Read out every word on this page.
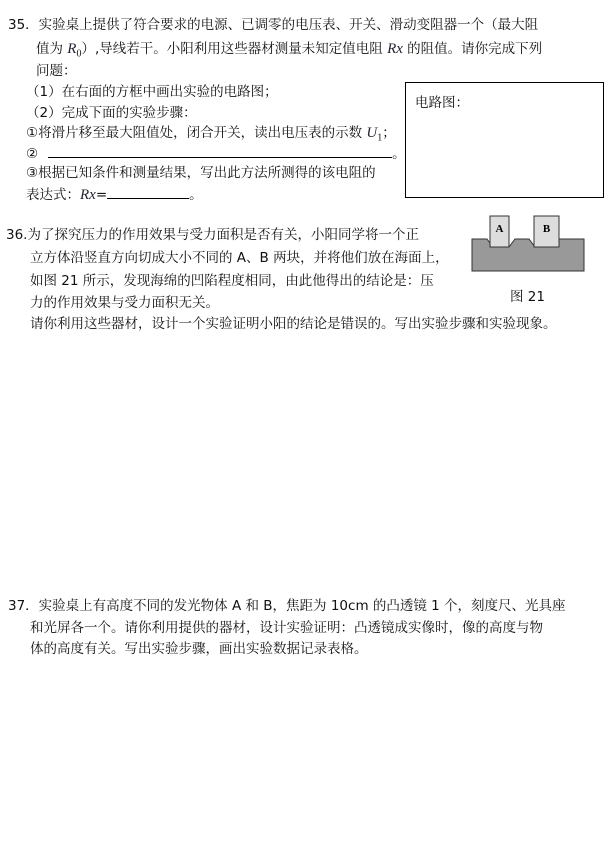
35．实验桌上提供了符合要求的电源、已调零的电压表、开关、滑动变阻器一个（最大阻
值为 $R_0$）,导线若干。小阳利用这些器材测量未知定值电阻 Rx 的阻值。请你完成下列
问题：
（1）在右面的方框中画出实验的电路图；
（2）完成下面的实验步骤：
①将滑片移至最大阻值处，闭合开关，读出电压表的示数 $U_1$；
②	。
③根据已知条件和测量结果，写出此方法所测得的该电阻的
表达式：Rx=	。
电路图：
36.为了探究压力的作用效果与受力面积是否有关，小阳同学将一个正
立方体沿竖直方向切成大小不同的 A、B 两块，并将他们放在海面上，
如图 21 所示，发现海绵的凹陷程度相同，由此他得出的结论是：压
力的作用效果与受力面积无关。
请你利用这些器材，设计一个实验证明小阳的结论是错误的。写出实验步骤和实验现象。
A	B
图 21
37．实验桌上有高度不同的发光物体 A 和 B，焦距为 10cm 的凸透镜 1 个，刻度尺、光具座
和光屏各一个。请你利用提供的器材，设计实验证明：凸透镜成实像时，像的高度与物
体的高度有关。写出实验步骤，画出实验数据记录表格。
